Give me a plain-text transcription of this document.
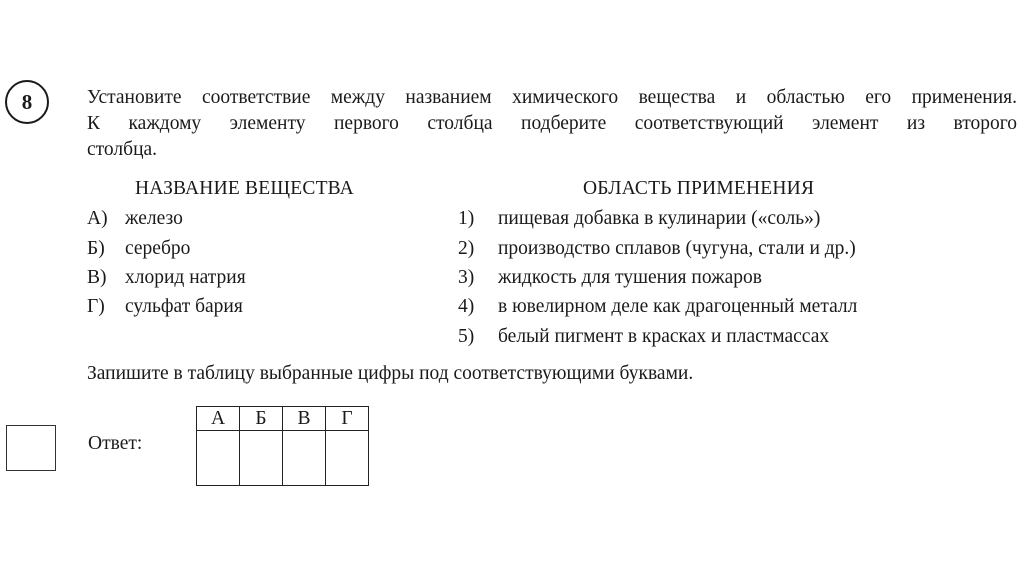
8	Установите соответствие между названием химического вещества и областью его применения.
К каждому элементу первого столбца подберите соответствующий элемент из второго
столбца.

НАЗВАНИЕ ВЕЩЕСТВА	ОБЛАСТЬ ПРИМЕНЕНИЯ
А) железо
Б) серебро
В) хлорид натрия
Г) сульфат бария
1) пищевая добавка в кулинарии («соль»)
2) производство сплавов (чугуна, стали и др.)
3) жидкость для тушения пожаров
4) в ювелирном деле как драгоценный металл
5) белый пигмент в красках и пластмассах

Запишите в таблицу выбранные цифры под соответствующими буквами.

Ответ:
А	Б	В	Г
